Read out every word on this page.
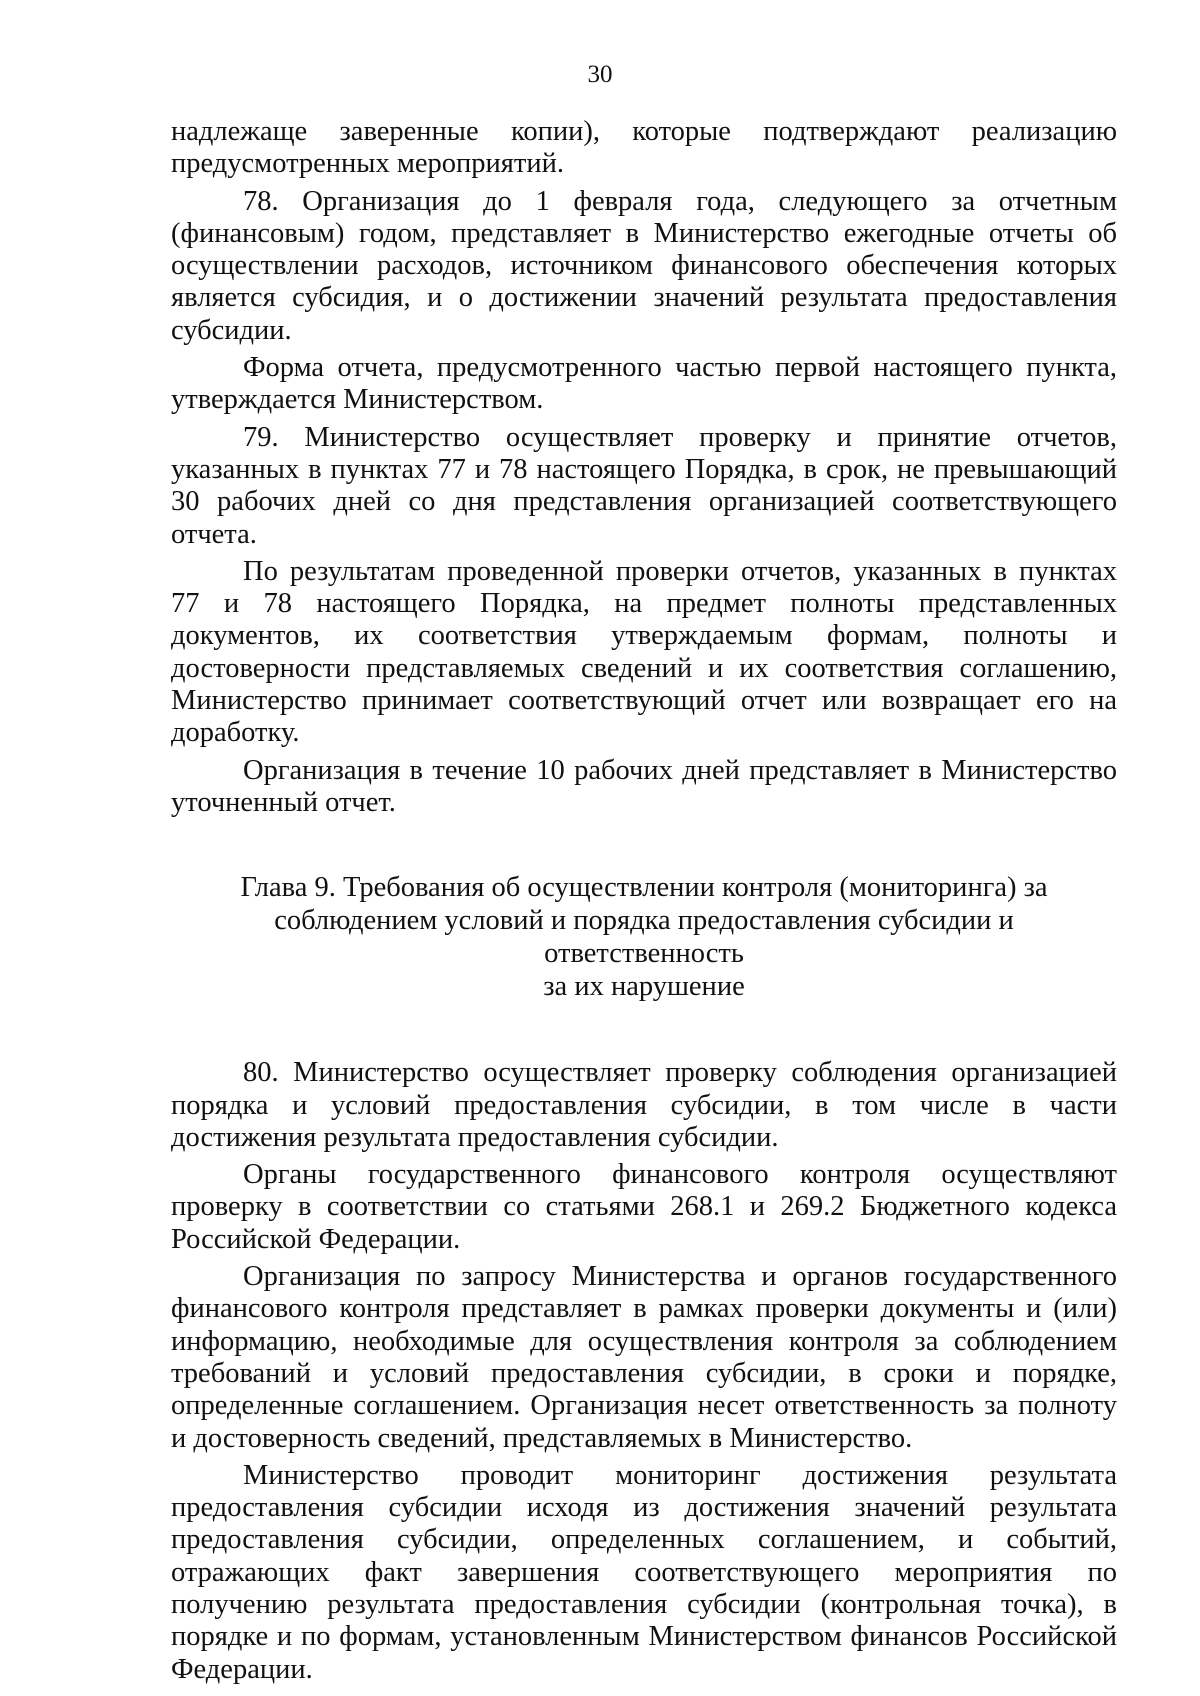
30

надлежаще заверенные копии), которые подтверждают реализацию предусмотренных мероприятий.

78. Организация до 1 февраля года, следующего за отчетным (финансовым) годом, представляет в Министерство ежегодные отчеты об осуществлении расходов, источником финансового обеспечения которых является субсидия, и о достижении значений результата предоставления субсидии.

Форма отчета, предусмотренного частью первой настоящего пункта, утверждается Министерством.

79. Министерство осуществляет проверку и принятие отчетов, указанных в пунктах 77 и 78 настоящего Порядка, в срок, не превышающий 30 рабочих дней со дня представления организацией соответствующего отчета.

По результатам проведенной проверки отчетов, указанных в пунктах 77 и 78 настоящего Порядка, на предмет полноты представленных документов, их соответствия утверждаемым формам, полноты и достоверности представляемых сведений и их соответствия соглашению, Министерство принимает соответствующий отчет или возвращает его на доработку.

Организация в течение 10 рабочих дней представляет в Министерство уточненный отчет.

Глава 9. Требования об осуществлении контроля (мониторинга) за
соблюдением условий и порядка предоставления субсидии и ответственность
за их нарушение

80. Министерство осуществляет проверку соблюдения организацией порядка и условий предоставления субсидии, в том числе в части достижения результата предоставления субсидии.

Органы государственного финансового контроля осуществляют проверку в соответствии со статьями 268.1 и 269.2 Бюджетного кодекса Российской Федерации.

Организация по запросу Министерства и органов государственного финансового контроля представляет в рамках проверки документы и (или) информацию, необходимые для осуществления контроля за соблюдением требований и условий предоставления субсидии, в сроки и порядке, определенные соглашением. Организация несет ответственность за полноту и достоверность сведений, представляемых в Министерство.

Министерство проводит мониторинг достижения результата предоставления субсидии исходя из достижения значений результата предоставления субсидии, определенных соглашением, и событий, отражающих факт завершения соответствующего мероприятия по получению результата предоставления субсидии (контрольная точка), в порядке и по формам, установленным Министерством финансов Российской Федерации.
